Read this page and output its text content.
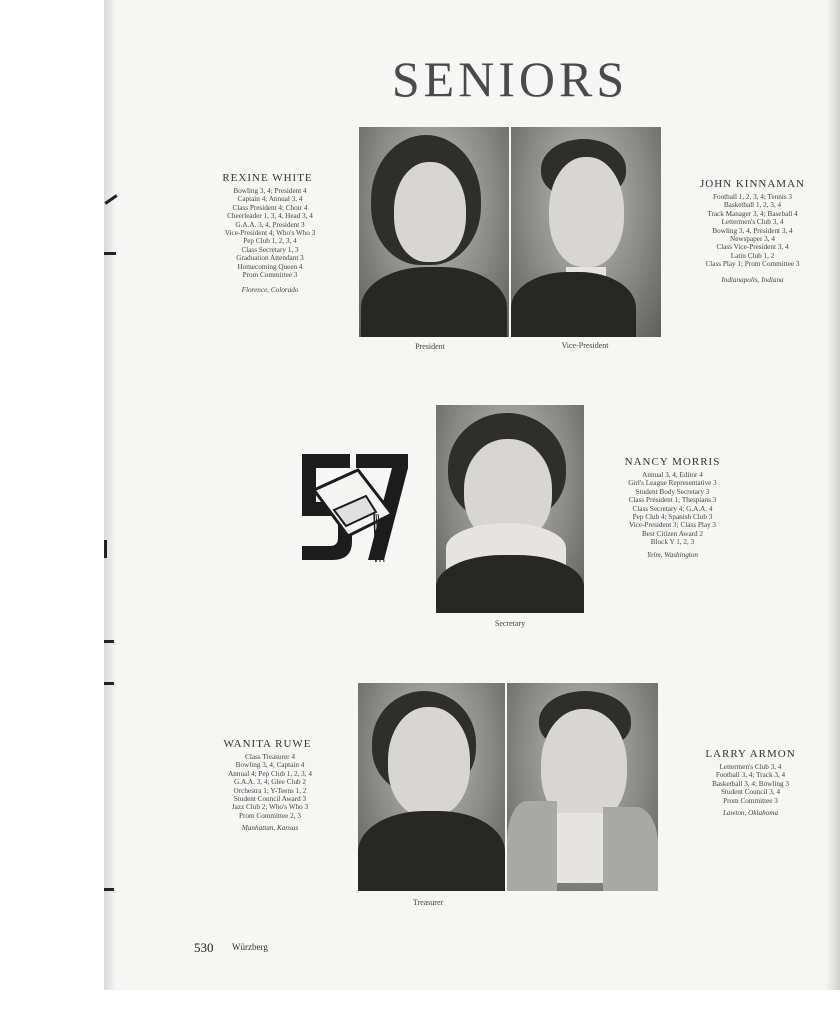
SENIORS
REXINE WHITE
Bowling 3, 4; President 4
Captain 4; Annual 3, 4
Class President 4; Choir 4
Cheerleader 1, 3, 4, Head 3, 4
G.A.A. 3, 4, President 3
Vice-President 4; Who's Who 3
Pep Club 1, 2, 3, 4
Class Secretary 1, 3
Graduation Attendant 3
Homecoming Queen 4
Prom Committee 3
Florence, Colorado
President	Vice-President
JOHN KINNAMAN
Football 1, 2, 3, 4; Tennis 3
Basketball 1, 2, 3, 4
Track Manager 3, 4; Baseball 4
Lettermen's Club 3, 4
Bowling 3, 4, President 3, 4
Newspaper 3, 4
Class Vice-President 3, 4
Latin Club 1, 2
Class Play 1; Prom Committee 3
Indianapolis, Indiana
Secretary
NANCY MORRIS
Annual 3, 4, Editor 4
Girl's League Representative 3
Student Body Secretary 3
Class President 1; Thespians 3
Class Secretary 4; G.A.A. 4
Pep Club 4; Spanish Club 3
Vice-President 3; Class Play 3
Best Citizen Award 2
Block Y 1, 2, 3
Yelm, Washington
WANITA RUWE
Class Treasurer 4
Bowling 3, 4, Captain 4
Annual 4; Pep Club 1, 2, 3, 4
G.A.A. 3, 4; Glee Club 2
Orchestra 1; Y-Teens 1, 2
Student Council Award 3
Jazz Club 2; Who's Who 3
Prom Committee 2, 3
Manhattan, Kansas
Treasurer
LARRY ARMON
Lettermen's Club 3, 4
Football 3, 4; Track 3, 4
Basketball 3, 4; Bowling 3
Student Council 3, 4
Prom Committee 3
Lawton, Oklahoma
530 Würzberg
